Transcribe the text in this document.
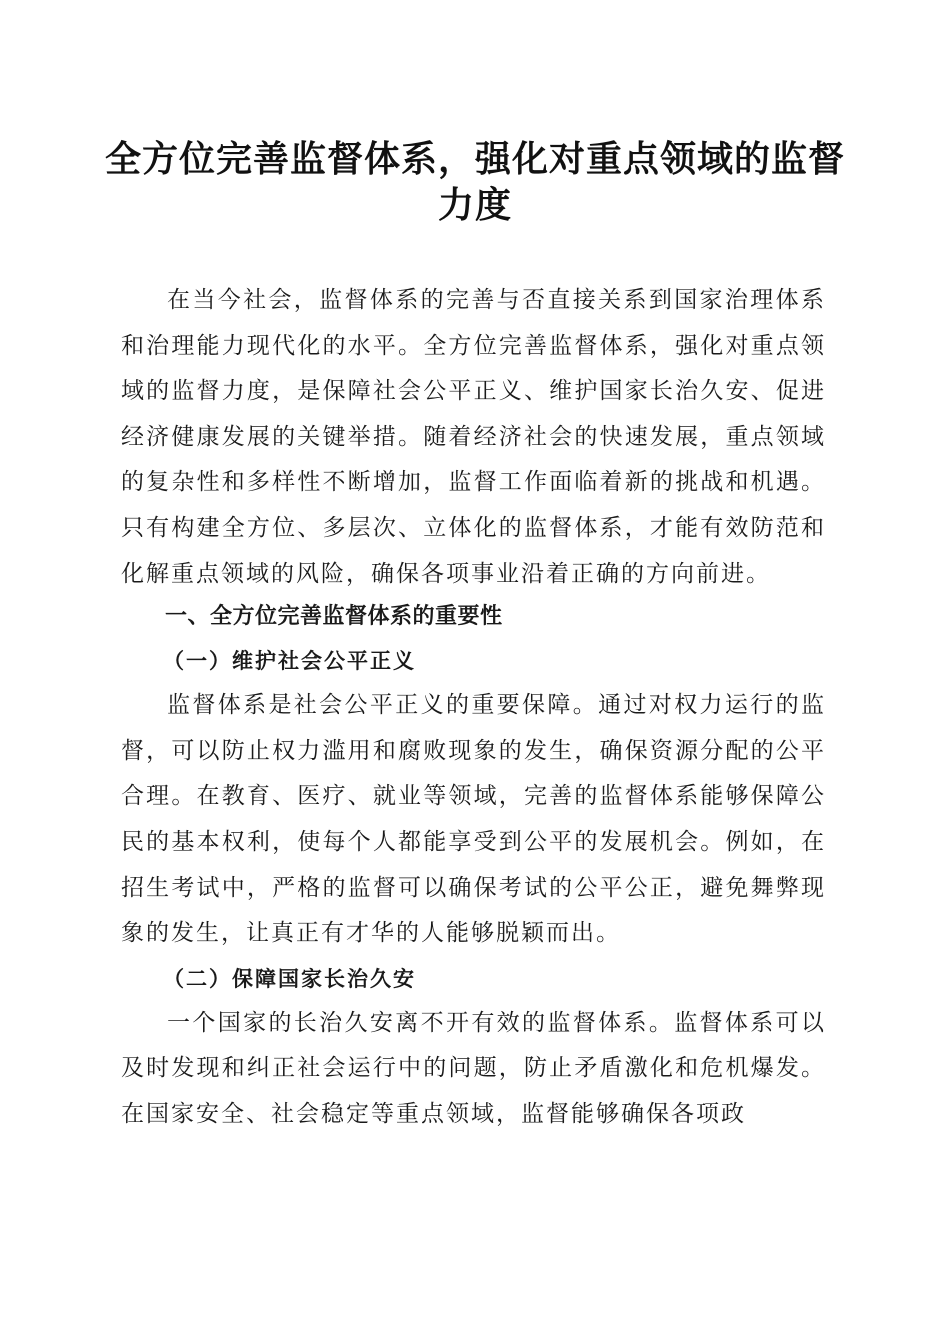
全方位完善监督体系，强化对重点领域的监督力度

在当今社会，监督体系的完善与否直接关系到国家治理体系和治理能力现代化的水平。全方位完善监督体系，强化对重点领域的监督力度，是保障社会公平正义、维护国家长治久安、促进经济健康发展的关键举措。随着经济社会的快速发展，重点领域的复杂性和多样性不断增加，监督工作面临着新的挑战和机遇。只有构建全方位、多层次、立体化的监督体系，才能有效防范和化解重点领域的风险，确保各项事业沿着正确的方向前进。

一、全方位完善监督体系的重要性

（一）维护社会公平正义

监督体系是社会公平正义的重要保障。通过对权力运行的监督，可以防止权力滥用和腐败现象的发生，确保资源分配的公平合理。在教育、医疗、就业等领域，完善的监督体系能够保障公民的基本权利，使每个人都能享受到公平的发展机会。例如，在招生考试中，严格的监督可以确保考试的公平公正，避免舞弊现象的发生，让真正有才华的人能够脱颖而出。

（二）保障国家长治久安

一个国家的长治久安离不开有效的监督体系。监督体系可以及时发现和纠正社会运行中的问题，防止矛盾激化和危机爆发。在国家安全、社会稳定等重点领域，监督能够确保各项政
